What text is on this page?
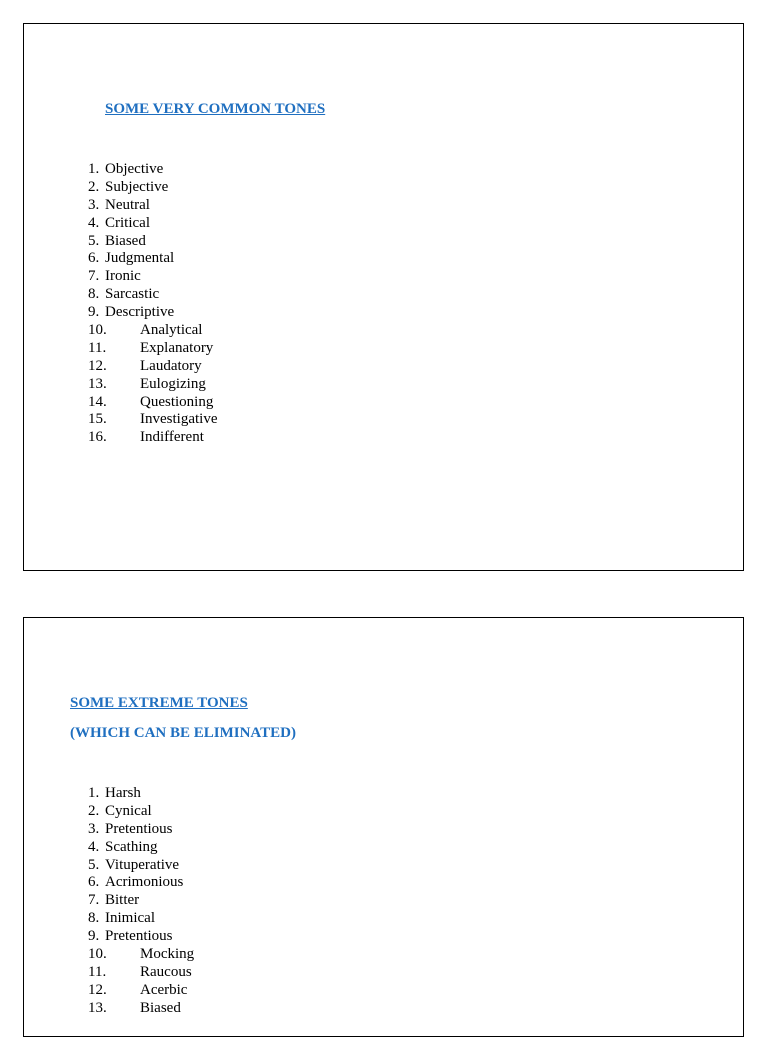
SOME VERY COMMON TONES
1. Objective
2. Subjective
3. Neutral
4. Critical
5. Biased
6. Judgmental
7. Ironic
8. Sarcastic
9. Descriptive
10. Analytical
11. Explanatory
12. Laudatory
13. Eulogizing
14. Questioning
15. Investigative
16. Indifferent
SOME EXTREME TONES
(WHICH CAN BE ELIMINATED)
1. Harsh
2. Cynical
3. Pretentious
4. Scathing
5. Vituperative
6. Acrimonious
7. Bitter
8. Inimical
9. Pretentious
10. Mocking
11. Raucous
12. Acerbic
13. Biased
